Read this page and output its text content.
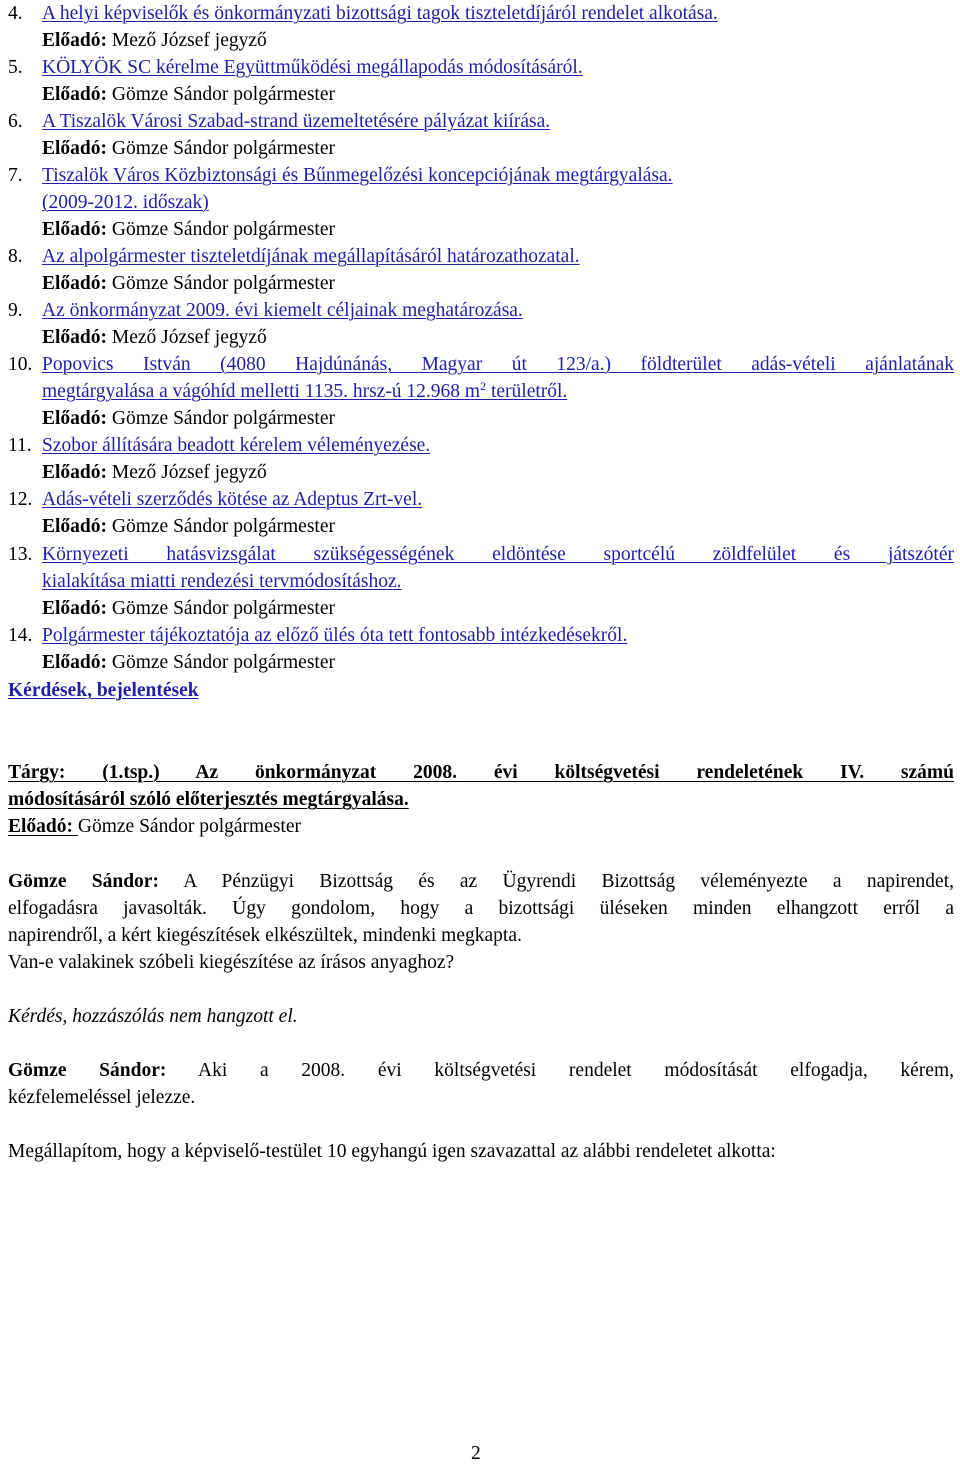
4. A helyi képviselők és önkormányzati bizottsági tagok tiszteletdíjáról rendelet alkotása.
Előadó: Mező József jegyző
5. KÖLYÖK SC kérelme Együttműködési megállapodás módosításáról.
Előadó: Gömze Sándor polgármester
6. A Tiszalök Városi Szabad-strand üzemeltetésére pályázat kiírása.
Előadó: Gömze Sándor polgármester
7. Tiszalök Város Közbiztonsági és Bűnmegelőzési koncepciójának megtárgyalása.
(2009-2012. időszak)
Előadó: Gömze Sándor polgármester
8. Az alpolgármester tiszteletdíjának megállapításáról határozathozatal.
Előadó: Gömze Sándor polgármester
9. Az önkormányzat 2009. évi kiemelt céljainak meghatározása.
Előadó: Mező József jegyző
10. Popovics István (4080 Hajdúnánás, Magyar út 123/a.) földterület adás-vételi ajánlatának
megtárgyalása a vágóhíd melletti 1135. hrsz-ú 12.968 $m^2$ területről.
Előadó: Gömze Sándor polgármester
11. Szobor állítására beadott kérelem véleményezése.
Előadó: Mező József jegyző
12. Adás-vételi szerződés kötése az Adeptus Zrt-vel.
Előadó: Gömze Sándor polgármester
13. Környezeti hatásvizsgálat szükségességének eldöntése sportcélú zöldfelület és játszótér
kialakítása miatti rendezési tervmódosításhoz.
Előadó: Gömze Sándor polgármester
14. Polgármester tájékoztatója az előző ülés óta tett fontosabb intézkedésekről.
Előadó: Gömze Sándor polgármester
Kérdések, bejelentések
Tárgy: (1.tsp.) Az önkormányzat 2008. évi költségvetési rendeletének IV. számú
módosításáról szóló előterjesztés megtárgyalása.
Előadó: Gömze Sándor polgármester
Gömze Sándor: A Pénzügyi Bizottság és az Ügyrendi Bizottság véleményezte a napirendet,
elfogadásra javasolták. Úgy gondolom, hogy a bizottsági üléseken minden elhangzott erről a
napirendről, a kért kiegészítések elkészültek, mindenki megkapta.
Van-e valakinek szóbeli kiegészítése az írásos anyaghoz?
Kérdés, hozzászólás nem hangzott el.
Gömze Sándor: Aki a 2008. évi költségvetési rendelet módosítását elfogadja, kérem,
kézfelemeléssel jelezze.
Megállapítom, hogy a képviselő-testület 10 egyhangú igen szavazattal az alábbi rendeletet alkotta:
2
